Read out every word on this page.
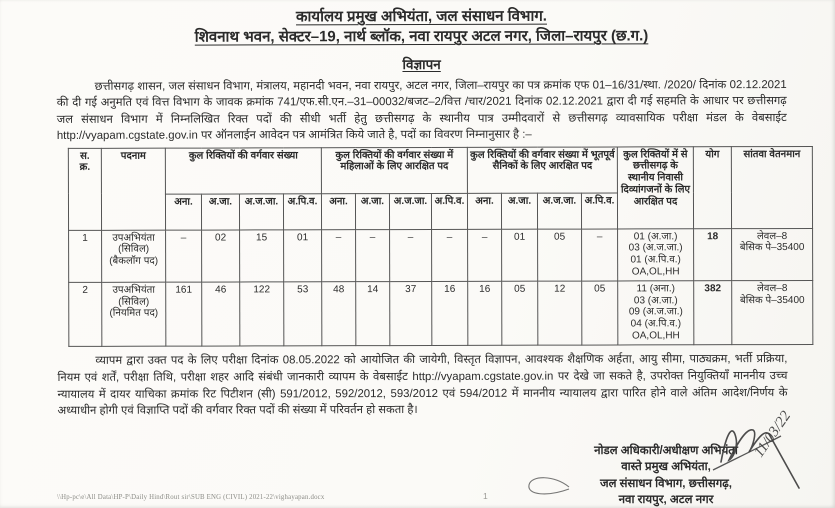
कार्यालय प्रमुख अभियंता, जल संसाधन विभाग.
शिवनाथ भवन, सेक्टर–19, नार्थ ब्लॉक, नवा रायपुर अटल नगर, जिला–रायपुर (छ.ग.)
विज्ञापन

छत्तीसगढ़ शासन, जल संसाधन विभाग, मंत्रालय, महानदी भवन, नवा रायपुर, अटल नगर, जिला–रायपुर का पत्र क्रमांक एफ 01–16/31/स्था. /2020/ दिनांक 02.12.2021 की दी गई अनुमति एवं वित्त विभाग के जावक क्रमांक 741/एफ.सी.एन.–31–00032/बजट–2/वित्त /चार/2021 दिनांक 02.12.2021 द्वारा दी गई सहमति के आधार पर छत्तीसगढ़ जल संसाधन विभाग में निम्नलिखित रिक्त पदों की सीधी भर्ती हेतु छत्तीसगढ़ के स्थानीय पात्र उम्मीदवारों से छत्तीसगढ़ व्यावसायिक परीक्षा मंडल के वेबसाईट http://vyapam.cgstate.gov.in पर ऑनलाईन आवेदन पत्र आमंत्रित किये जाते है, पदों का विवरण निम्नानुसार है :–

स.
क्र.	पदनाम	कुल रिक्तियों की वर्गवार संख्या				कुल रिक्तियों की वर्गवार संख्या में महिलाओं के लिए आरक्षित पद				कुल रिक्तियों की वर्गवार संख्या में भूतपूर्व सैनिकों के लिए आरक्षित पद				कुल रिक्तियों में से छत्तीसगढ़ के स्थानीय निवासी दिव्यांगजनों के लिए आरक्षित पद	योग	सांतवा वेतनमान
		अना.	अ.जा.	अ.ज.जा.	अ.पि.व.	अना.	अ.जा.	अ.ज.जा.	अ.पि.व.	अना.	अ.जा.	अ.ज.जा.	अ.पि.व.			
1	उपअभियंता
(सिविल)
(बैकलॉग पद)	–	02	15	01	–	–	–	–	–	01	05	–	01 (अ.जा.)
03 (अ.ज.जा.)
01 (अ.पि.व.)
OA,OL,HH	18	लेवल–8
बेसिक पे–35400
2	उपअभियंता
(सिविल)
(नियमित पद)	161	46	122	53	48	14	37	16	16	05	12	05	11 (अना.)
03 (अ.जा.)
09 (अ.ज.जा.)
04 (अ.पि.व.)
OA,OL,HH	382	लेवल–8
बेसिक पे–35400

व्यापम द्वारा उक्त पद के लिए परीक्षा दिनांक 08.05.2022 को आयोजित की जायेगी, विस्तृत विज्ञापन, आवश्यक शैक्षणिक अर्हता, आयु सीमा, पाठ्यक्रम, भर्ती प्रक्रिया, नियम एवं शर्तें, परीक्षा तिथि, परीक्षा शहर आदि संबंधी जानकारी व्यापम के वेबसाईट http://vyapam.cgstate.gov.in पर देखे जा सकते है, उपरोक्त नियुक्तियाँ माननीय उच्च न्यायालय में दायर याचिका क्रमांक रिट पिटीशन (सी) 591/2012, 592/2012, 593/2012 एवं 594/2012 में माननीय न्यायालय द्वारा पारित होने वाले अंतिम आदेश/निर्णय के अध्याधीन होगी एवं विज्ञाप्ति पदों की वर्गवार रिक्त पदों की संख्या में परिवर्तन हो सकता है।

नोडल अधिकारी/अधीक्षण अभियंता
वास्ते प्रमुख अभियंता,
जल संसाधन विभाग, छत्तीसगढ़,
नवा रायपुर, अटल नगर
11/03/22
\\Hp-pc\e\All Data\HP-P\Daily Hind\Rout sir\SUB ENG (CIVIL) 2021-22\vighayapan.docx	1
